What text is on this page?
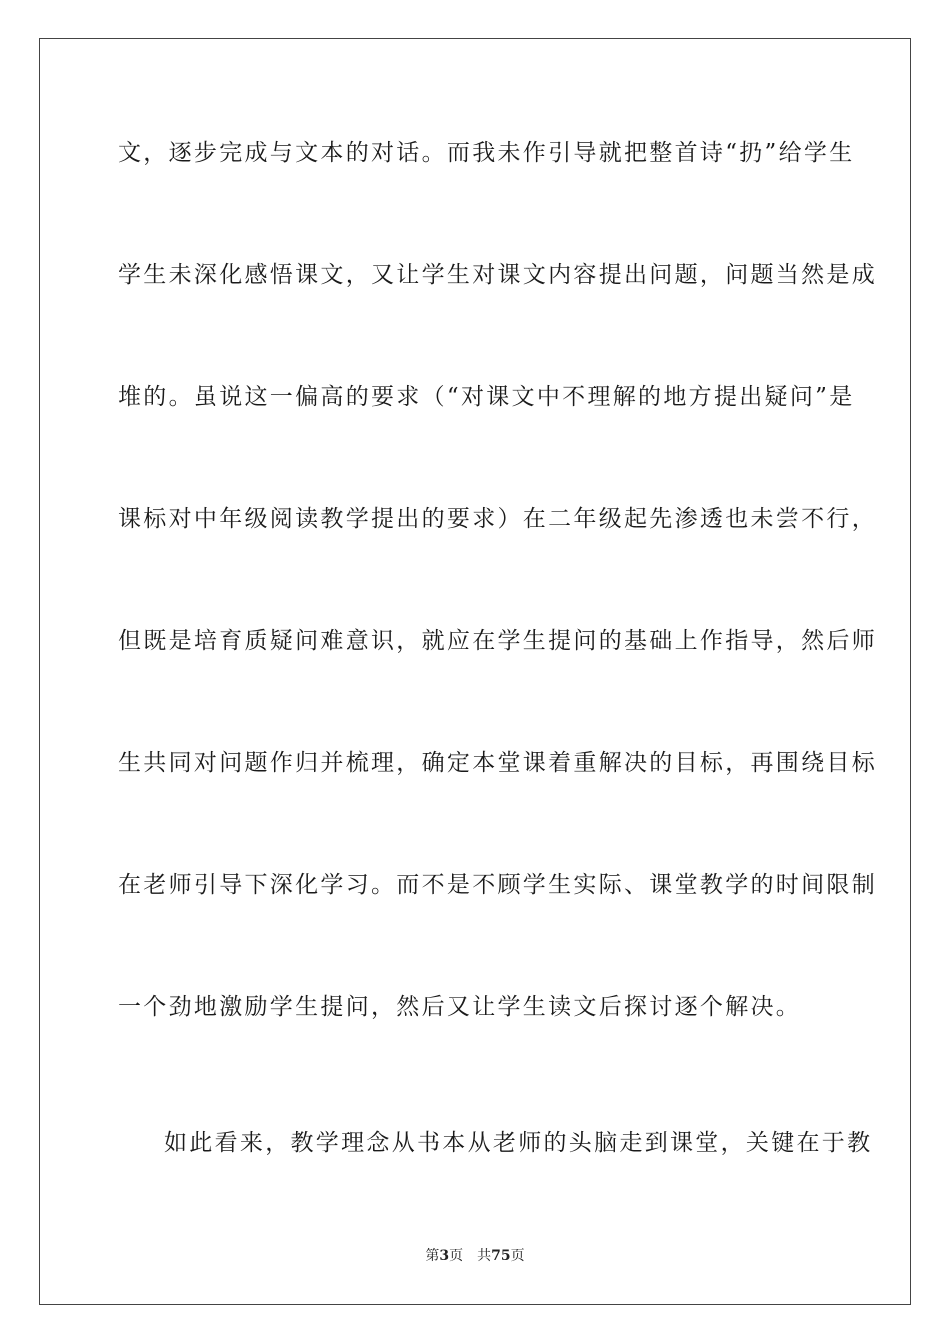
文，逐步完成与文本的对话。而我未作引导就把整首诗“扔”给学生
学生未深化感悟课文，又让学生对课文内容提出问题，问题当然是成
堆的。虽说这一偏高的要求（“对课文中不理解的地方提出疑问”是
课标对中年级阅读教学提出的要求）在二年级起先渗透也未尝不行，
但既是培育质疑问难意识，就应在学生提问的基础上作指导，然后师
生共同对问题作归并梳理，确定本堂课着重解决的目标，再围绕目标
在老师引导下深化学习。而不是不顾学生实际、课堂教学的时间限制
一个劲地激励学生提问，然后又让学生读文后探讨逐个解决。
如此看来，教学理念从书本从老师的头脑走到课堂，关键在于教
第3页 共75页
